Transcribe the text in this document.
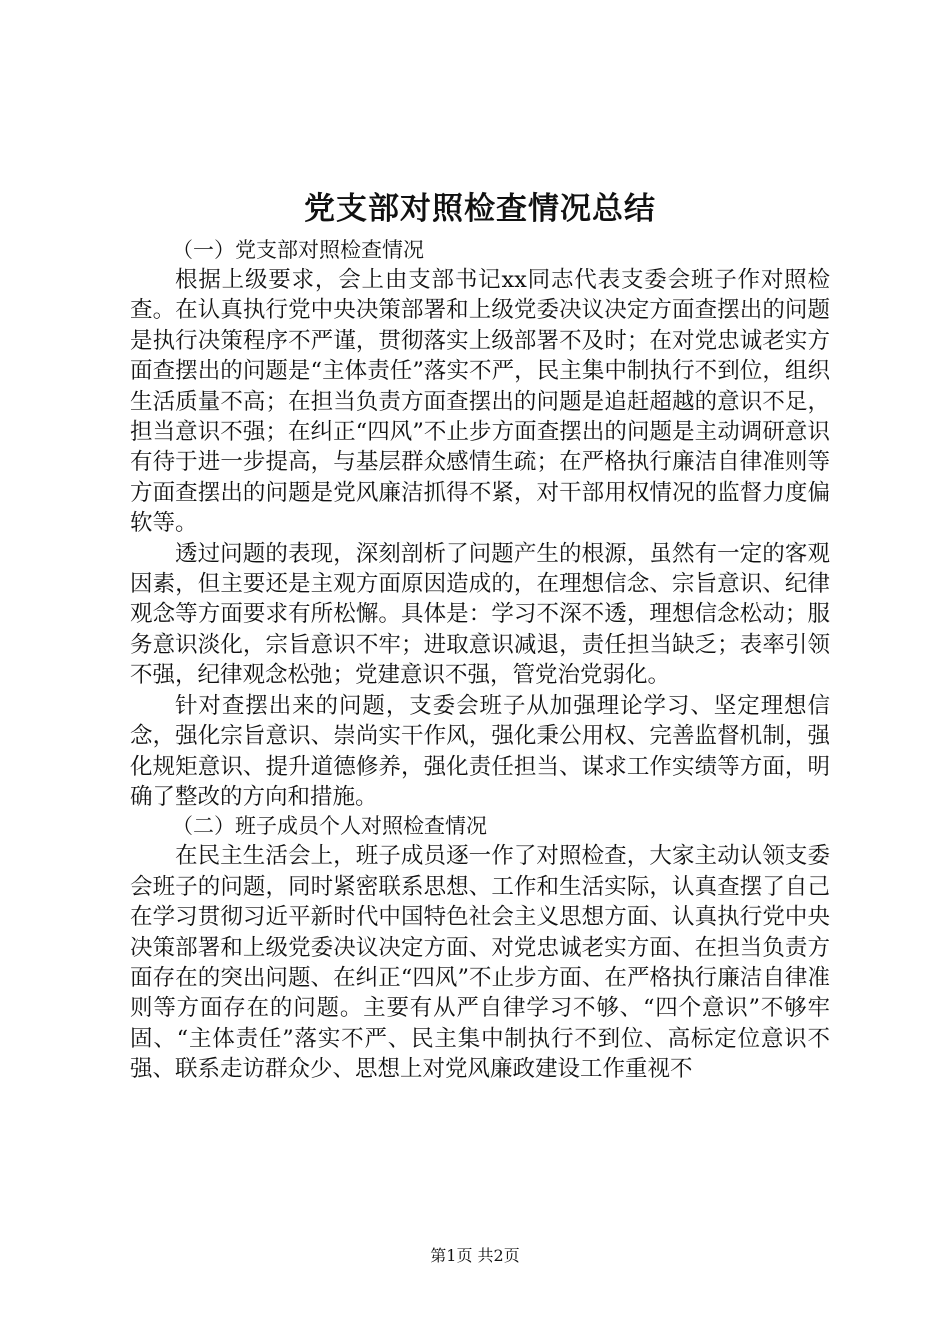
党支部对照检查情况总结

（一）党支部对照检查情况

根据上级要求，会上由支部书记xx同志代表支委会班子作对照检查。在认真执行党中央决策部署和上级党委决议决定方面查摆出的问题是执行决策程序不严谨，贯彻落实上级部署不及时；在对党忠诚老实方面查摆出的问题是“主体责任”落实不严，民主集中制执行不到位，组织生活质量不高；在担当负责方面查摆出的问题是追赶超越的意识不足，担当意识不强；在纠正“四风”不止步方面查摆出的问题是主动调研意识有待于进一步提高，与基层群众感情生疏；在严格执行廉洁自律准则等方面查摆出的问题是党风廉洁抓得不紧，对干部用权情况的监督力度偏软等。

透过问题的表现，深刻剖析了问题产生的根源，虽然有一定的客观因素，但主要还是主观方面原因造成的，在理想信念、宗旨意识、纪律观念等方面要求有所松懈。具体是：学习不深不透，理想信念松动；服务意识淡化，宗旨意识不牢；进取意识减退，责任担当缺乏；表率引领不强，纪律观念松弛；党建意识不强，管党治党弱化。

针对查摆出来的问题，支委会班子从加强理论学习、坚定理想信念，强化宗旨意识、崇尚实干作风，强化秉公用权、完善监督机制，强化规矩意识、提升道德修养，强化责任担当、谋求工作实绩等方面，明确了整改的方向和措施。

（二）班子成员个人对照检查情况

在民主生活会上，班子成员逐一作了对照检查，大家主动认领支委会班子的问题，同时紧密联系思想、工作和生活实际，认真查摆了自己在学习贯彻习近平新时代中国特色社会主义思想方面、认真执行党中央决策部署和上级党委决议决定方面、对党忠诚老实方面、在担当负责方面存在的突出问题、在纠正“四风”不止步方面、在严格执行廉洁自律准则等方面存在的问题。主要有从严自律学习不够、“四个意识”不够牢固、“主体责任”落实不严、民主集中制执行不到位、高标定位意识不强、联系走访群众少、思想上对党风廉政建设工作重视不

第1页 共2页
